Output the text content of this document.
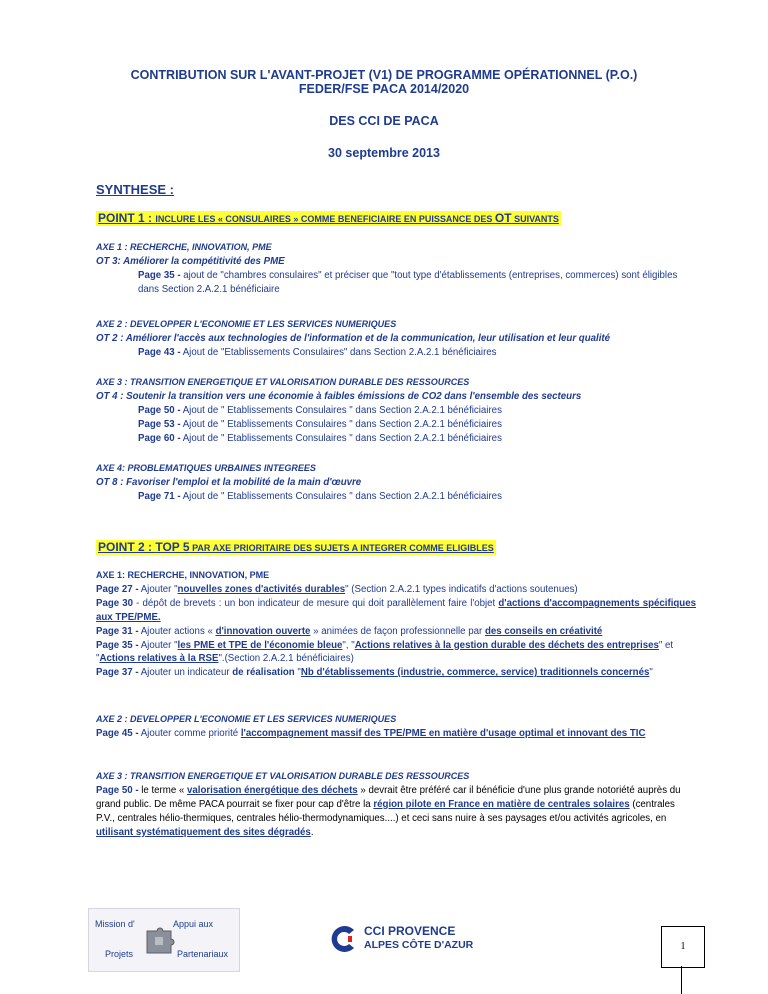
CONTRIBUTION SUR L'AVANT-PROJET (V1) DE PROGRAMME OPÉRATIONNEL (P.O.)
FEDER/FSE PACA 2014/2020
DES CCI DE PACA
30 septembre 2013
SYNTHESE :
POINT 1 : INCLURE LES « CONSULAIRES » COMME BENEFICIAIRE EN PUISSANCE DES OT SUIVANTS
AXE 1 : RECHERCHE, INNOVATION, PME
OT 3: Améliorer la compétitivité des PME
Page 35 - ajout de "chambres consulaires" et préciser que "tout type d'établissements (entreprises, commerces) sont éligibles dans Section 2.A.2.1 bénéficiaire
AXE 2 : DEVELOPPER L'ECONOMIE ET LES SERVICES NUMERIQUES
OT 2 : Améliorer l'accès aux technologies de l'information et de la communication, leur utilisation et leur qualité
Page 43 - Ajout de "Etablissements Consulaires" dans Section 2.A.2.1 bénéficiaires
AXE 3 : TRANSITION ENERGETIQUE ET VALORISATION DURABLE DES RESSOURCES
OT 4 : Soutenir la transition vers une économie à faibles émissions de CO2 dans l'ensemble des secteurs
Page 50 - Ajout de " Etablissements Consulaires " dans Section 2.A.2.1 bénéficiaires
Page 53 - Ajout de " Etablissements Consulaires " dans Section 2.A.2.1 bénéficiaires
Page 60 - Ajout de " Etablissements Consulaires " dans Section 2.A.2.1 bénéficiaires
AXE 4: PROBLEMATIQUES URBAINES INTEGREES
OT 8 : Favoriser l'emploi et la mobilité de la main d'œuvre
Page 71 - Ajout de " Etablissements Consulaires " dans Section 2.A.2.1 bénéficiaires
POINT 2 : TOP 5 PAR AXE PRIORITAIRE DES SUJETS A INTEGRER COMME ELIGIBLES
AXE 1: RECHERCHE, INNOVATION, PME
Page 27 - Ajouter "nouvelles zones d'activités durables" (Section 2.A.2.1 types indicatifs d'actions soutenues)
Page 30 - dépôt de brevets : un bon indicateur de mesure qui doit parallèlement faire l'objet d'actions d'accompagnements spécifiques aux TPE/PME.
Page 31 - Ajouter actions « d'innovation ouverte » animées de façon professionnelle par des conseils en créativité
Page 35 - Ajouter "les PME et TPE de l'économie bleue", "Actions relatives à la gestion durable des déchets des entreprises" et "Actions relatives à la RSE".(Section 2.A.2.1 bénéficiaires)
Page 37 - Ajouter un indicateur de réalisation "Nb d'établissements (industrie, commerce, service) traditionnels concernés"
AXE 2 : DEVELOPPER L'ECONOMIE ET LES SERVICES NUMERIQUES
Page 45 - Ajouter comme priorité l'accompagnement massif des TPE/PME en matière d'usage optimal et innovant des TIC
AXE 3 : TRANSITION ENERGETIQUE ET VALORISATION DURABLE DES RESSOURCES
Page 50 - le terme « valorisation énergétique des déchets » devrait être préféré car il bénéficie d'une plus grande notoriété auprès du grand public. De même PACA pourrait se fixer pour cap d'être la région pilote en France en matière de centrales solaires (centrales P.V., centrales hélio-thermiques, centrales hélio-thermodynamiques....) et ceci sans nuire à ses paysages et/ou activités agricoles, en utilisant systématiquement des sites dégradés.
Mission d'	Appui aux
Projets	Partenariaux
CCI PROVENCE
ALPES CÔTE D'AZUR	1
